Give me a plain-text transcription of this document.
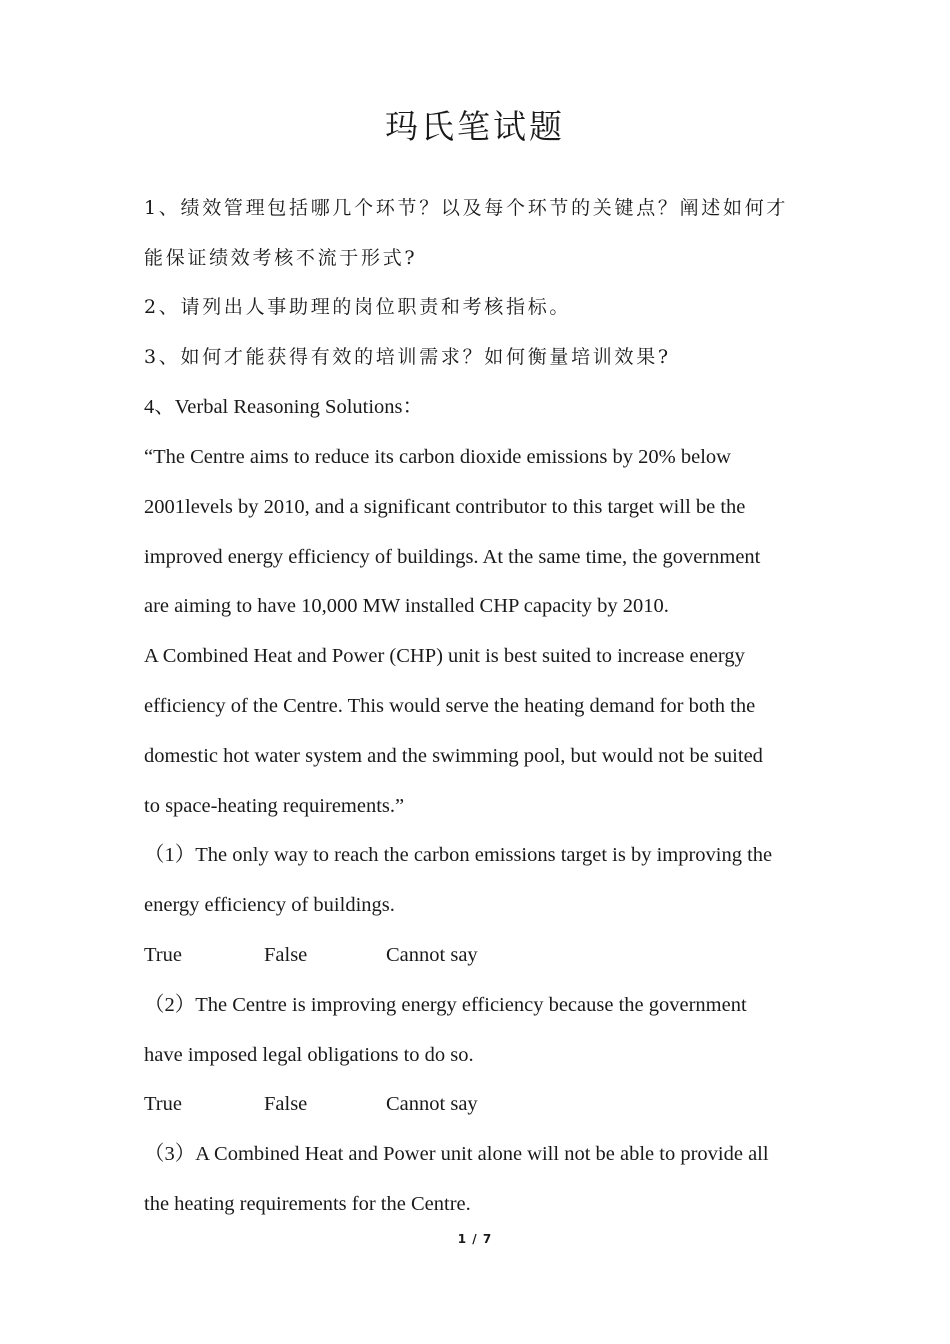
玛氏笔试题
1、绩效管理包括哪几个环节？以及每个环节的关键点？阐述如何才
能保证绩效考核不流于形式?
2、请列出人事助理的岗位职责和考核指标。
3、如何才能获得有效的培训需求？如何衡量培训效果?
4、Verbal Reasoning Solutions：
“The Centre aims to reduce its carbon dioxide emissions by 20% below
2001levels by 2010, and a significant contributor to this target will be the
improved energy efficiency of buildings. At the same time, the government
are aiming to have 10,000 MW installed CHP capacity by 2010.
A Combined Heat and Power (CHP) unit is best suited to increase energy
efficiency of the Centre. This would serve the heating demand for both the
domestic hot water system and the swimming pool, but would not be suited
to space-heating requirements.”
（1）The only way to reach the carbon emissions target is by improving the
energy efficiency of buildings.
True	False	Cannot say
（2）The Centre is improving energy efficiency because the government
have imposed legal obligations to do so.
True	False	Cannot say
（3）A Combined Heat and Power unit alone will not be able to provide all
the heating requirements for the Centre.
1 / 7
